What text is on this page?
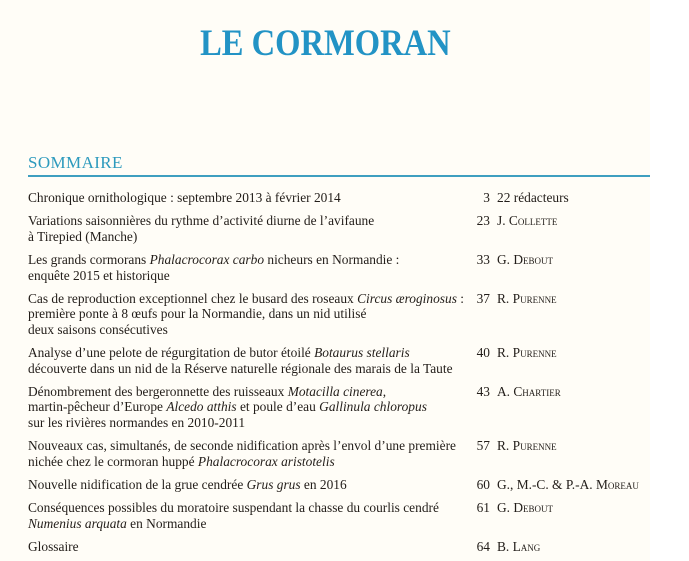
LE CORMORAN
SOMMAIRE
Chronique ornithologique : septembre 2013 à février 2014	3 22 rédacteurs
Variations saisonnières du rythme d’activité diurne de l’avifaune
à Tirepied (Manche)
23 J. Collette
Les grands cormorans Phalacrocorax carbo nicheurs en Normandie :
enquête 2015 et historique
33 G. Debout
Cas de reproduction exceptionnel chez le busard des roseaux Circus æroginosus :
première ponte à 8 œufs pour la Normandie, dans un nid utilisé
deux saisons consécutives
37 R. Purenne
Analyse d’une pelote de régurgitation de butor étoilé Botaurus stellaris
découverte dans un nid de la Réserve naturelle régionale des marais de la Taute
40 R. Purenne
Dénombrement des bergeronnette des ruisseaux Motacilla cinerea,
martin-pêcheur d’Europe Alcedo atthis et poule d’eau Gallinula chloropus
sur les rivières normandes en 2010-2011
43 A. Chartier
Nouveaux cas, simultanés, de seconde nidification après l’envol d’une première
nichée chez le cormoran huppé Phalacrocorax aristotelis
57 R. Purenne
Nouvelle nidification de la grue cendrée Grus grus en 2016	60 G., M.-C. & P.-A. Moreau
Conséquences possibles du moratoire suspendant la chasse du courlis cendré
Numenius arquata en Normandie
61 G. Debout
Glossaire	64 B. Lang
